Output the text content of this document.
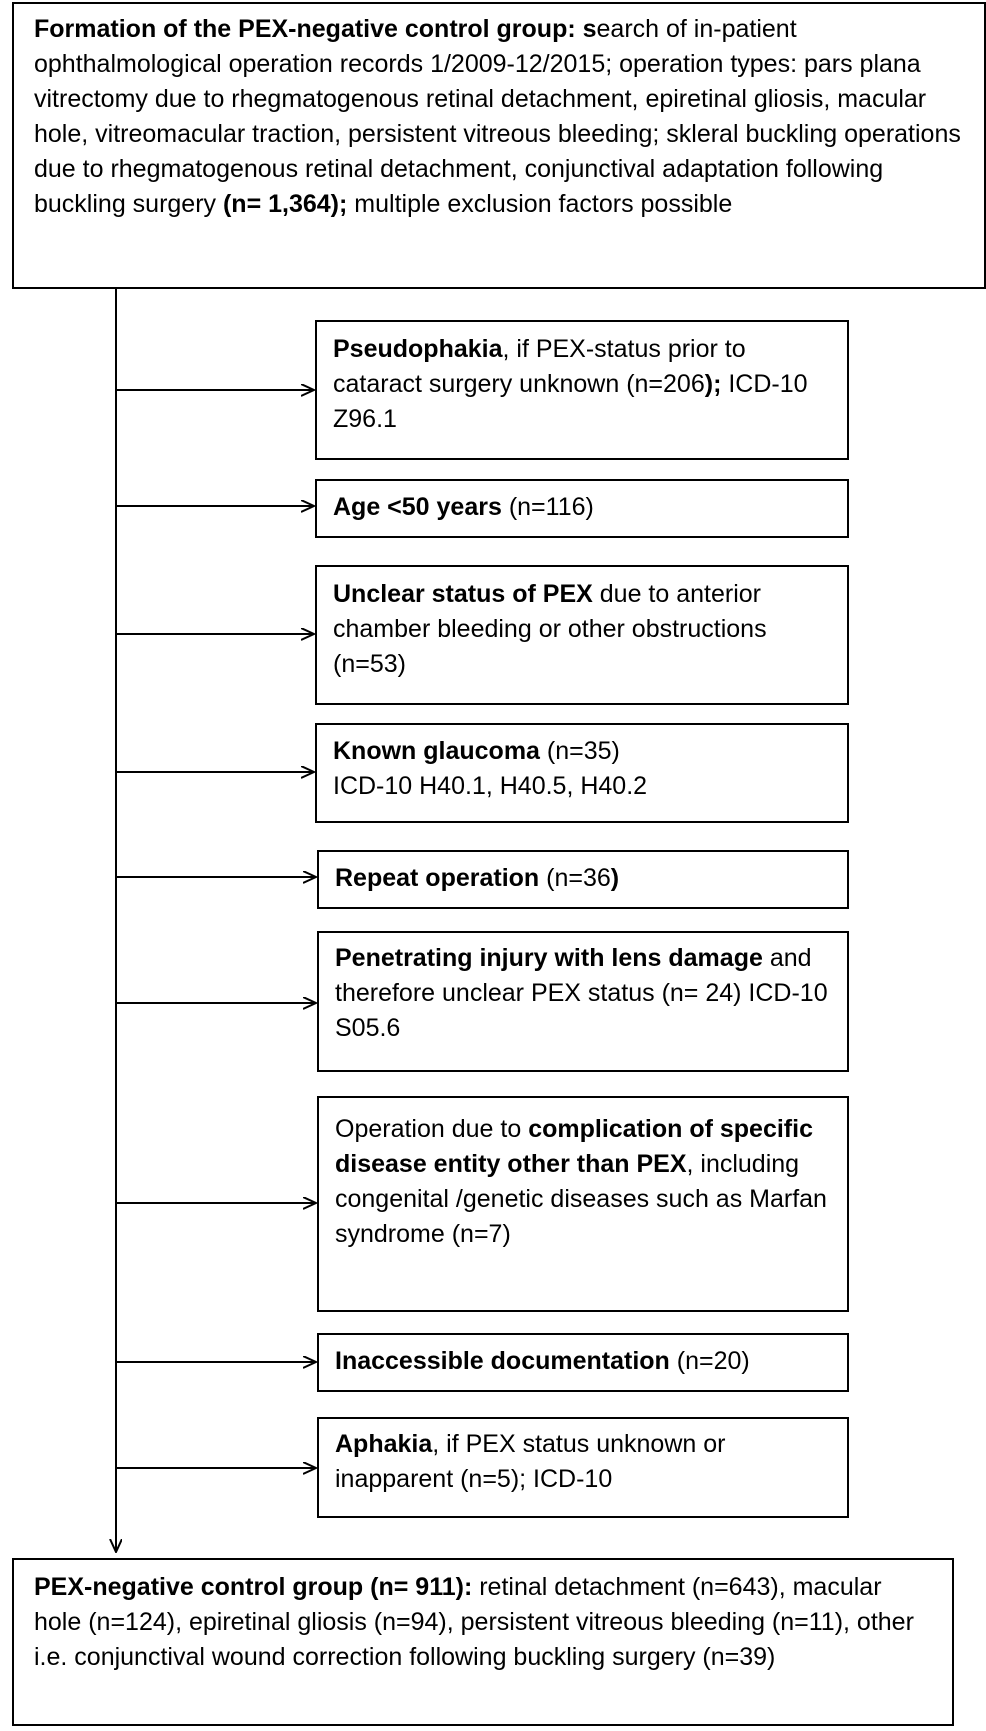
Formation of the PEX-negative control group: search of in-patient ophthalmological operation records 1/2009-12/2015; operation types: pars plana vitrectomy due to rhegmatogenous retinal detachment, epiretinal gliosis, macular hole, vitreomacular traction, persistent vitreous bleeding; skleral buckling operations due to rhegmatogenous retinal detachment, conjunctival adaptation following buckling surgery (n= 1,364); multiple exclusion factors possible
Pseudophakia, if PEX-status prior to cataract surgery unknown (n=206); ICD-10 Z96.1
Age <50 years (n=116)
Unclear status of PEX due to anterior chamber bleeding or other obstructions (n=53)
Known glaucoma (n=35)
ICD-10 H40.1, H40.5, H40.2
Repeat operation (n=36)
Penetrating injury with lens damage and therefore unclear PEX status (n= 24) ICD-10 S05.6
Operation due to complication of specific disease entity other than PEX, including congenital /genetic diseases such as Marfan syndrome (n=7)
Inaccessible documentation (n=20)
Aphakia, if PEX status unknown or inapparent (n=5); ICD-10
PEX-negative control group (n= 911): retinal detachment (n=643), macular hole (n=124), epiretinal gliosis (n=94), persistent vitreous bleeding (n=11), other i.e. conjunctival wound correction following buckling surgery (n=39)
